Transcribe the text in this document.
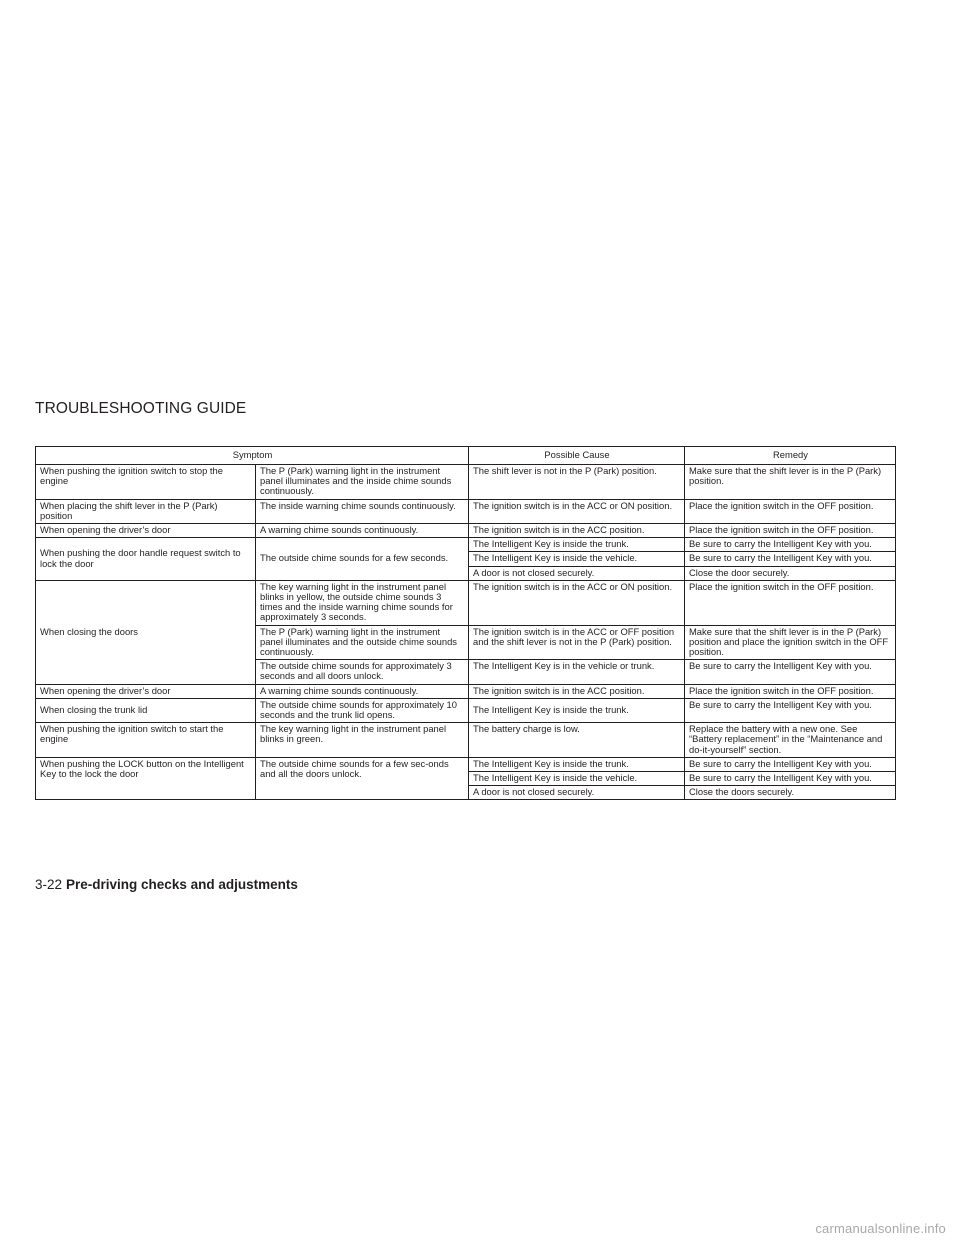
TROUBLESHOOTING GUIDE
Symptom		Possible Cause	Remedy
When pushing the ignition switch to stop the engine	The P (Park) warning light in the instrument panel illuminates and the inside chime sounds continuously.	The shift lever is not in the P (Park) position.	Make sure that the shift lever is in the P (Park) position.
When placing the shift lever in the P (Park) position	The inside warning chime sounds continuously.	The ignition switch is in the ACC or ON position.	Place the ignition switch in the OFF position.
When opening the driver’s door	A warning chime sounds continuously.	The ignition switch is in the ACC position.	Place the ignition switch in the OFF position.
When pushing the door handle request switch to lock the door	The outside chime sounds for a few seconds.	The Intelligent Key is inside the trunk.	Be sure to carry the Intelligent Key with you.
		The Intelligent Key is inside the vehicle.	Be sure to carry the Intelligent Key with you.
		A door is not closed securely.	Close the door securely.
When closing the doors	The key warning light in the instrument panel blinks in yellow, the outside chime sounds 3 times and the inside warning chime sounds for approximately 3 seconds.	The ignition switch is in the ACC or ON position.	Place the ignition switch in the OFF position.
	The P (Park) warning light in the instrument panel illuminates and the outside chime sounds continuously.	The ignition switch is in the ACC or OFF position and the shift lever is not in the P (Park) position.	Make sure that the shift lever is in the P (Park) position and place the ignition switch in the OFF position.
	The outside chime sounds for approximately 3 seconds and all doors unlock.	The Intelligent Key is in the vehicle or trunk.	Be sure to carry the Intelligent Key with you.
When opening the driver’s door	A warning chime sounds continuously.	The ignition switch is in the ACC position.	Place the ignition switch in the OFF position.
When closing the trunk lid	The outside chime sounds for approximately 10 seconds and the trunk lid opens.	The Intelligent Key is inside the trunk.	Be sure to carry the Intelligent Key with you.
When pushing the ignition switch to start the engine	The key warning light in the instrument panel blinks in green.	The battery charge is low.	Replace the battery with a new one. See “Battery replacement” in the “Maintenance and do-it-yourself” section.
When pushing the LOCK button on the Intelligent Key to the lock the door	The outside chime sounds for a few sec-onds and all the doors unlock.	The Intelligent Key is inside the trunk.	Be sure to carry the Intelligent Key with you.
		The Intelligent Key is inside the vehicle.	Be sure to carry the Intelligent Key with you.
		A door is not closed securely.	Close the doors securely.
3-22 Pre-driving checks and adjustments
carmanualsonline.info
